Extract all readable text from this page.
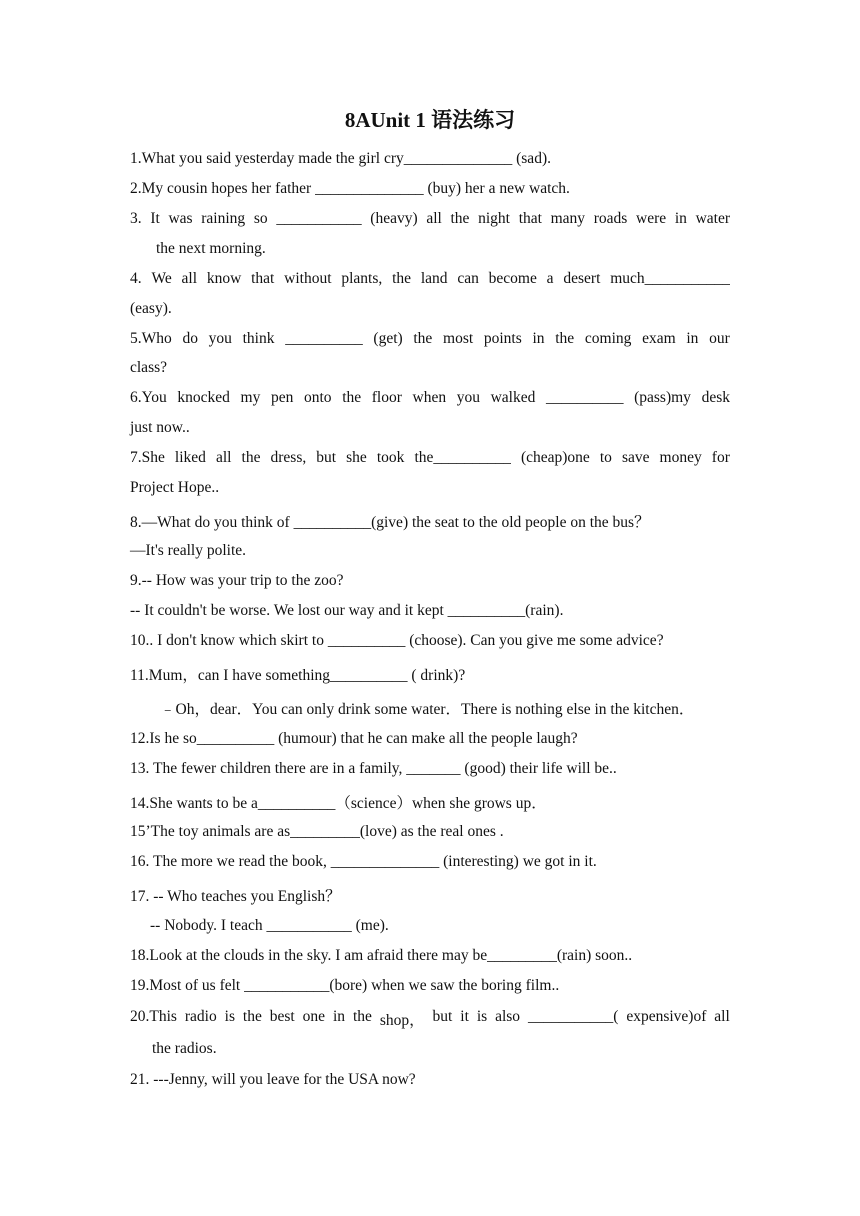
8AUnit 1 语法练习
1.What you said yesterday made the girl cry______________ (sad).
2.My cousin hopes her father ______________ (buy) her a new watch.
3. It was raining so ___________ (heavy) all the night that many roads were in water
the next morning.
4. We all know that without plants, the land can become a desert much___________
(easy).
5.Who do you think __________ (get) the most points in the coming exam in our
class?
6.You knocked my pen onto the floor when you walked __________ (pass)my desk
just now..
7.She liked all the dress, but she took the__________ (cheap)one to save money for
Project Hope..
8.—What do you think of __________(give) the seat to the old people on the bus？
—It's really polite.
9.-- How was your trip to the zoo?
-- It couldn't be worse. We lost our way and it kept __________(rain).
10.. I don't know which skirt to __________ (choose). Can you give me some advice?
11.Mum，can I have something__________ ( drink)?
﹣Oh，dear．You can only drink some water．There is nothing else in the kitchen．
12.Is he so__________ (humour) that he can make all the people laugh?
13. The fewer children there are in a family, _______ (good) their life will be..
14.She wants to be a__________（science）when she grows up．
15’The toy animals are as_________(love) as the real ones .
16. The more we read the book, ______________ (interesting) we got in it.
17. -- Who teaches you English？
-- Nobody. I teach ___________ (me).
18.Look at the clouds in the sky. I am afraid there may be_________(rain) soon..
19.Most of us felt ___________(bore) when we saw the boring film..
20.This radio is the best one in the shop， but it is also ___________( expensive)of all
the radios.
21. ---Jenny, will you leave for the USA now?
